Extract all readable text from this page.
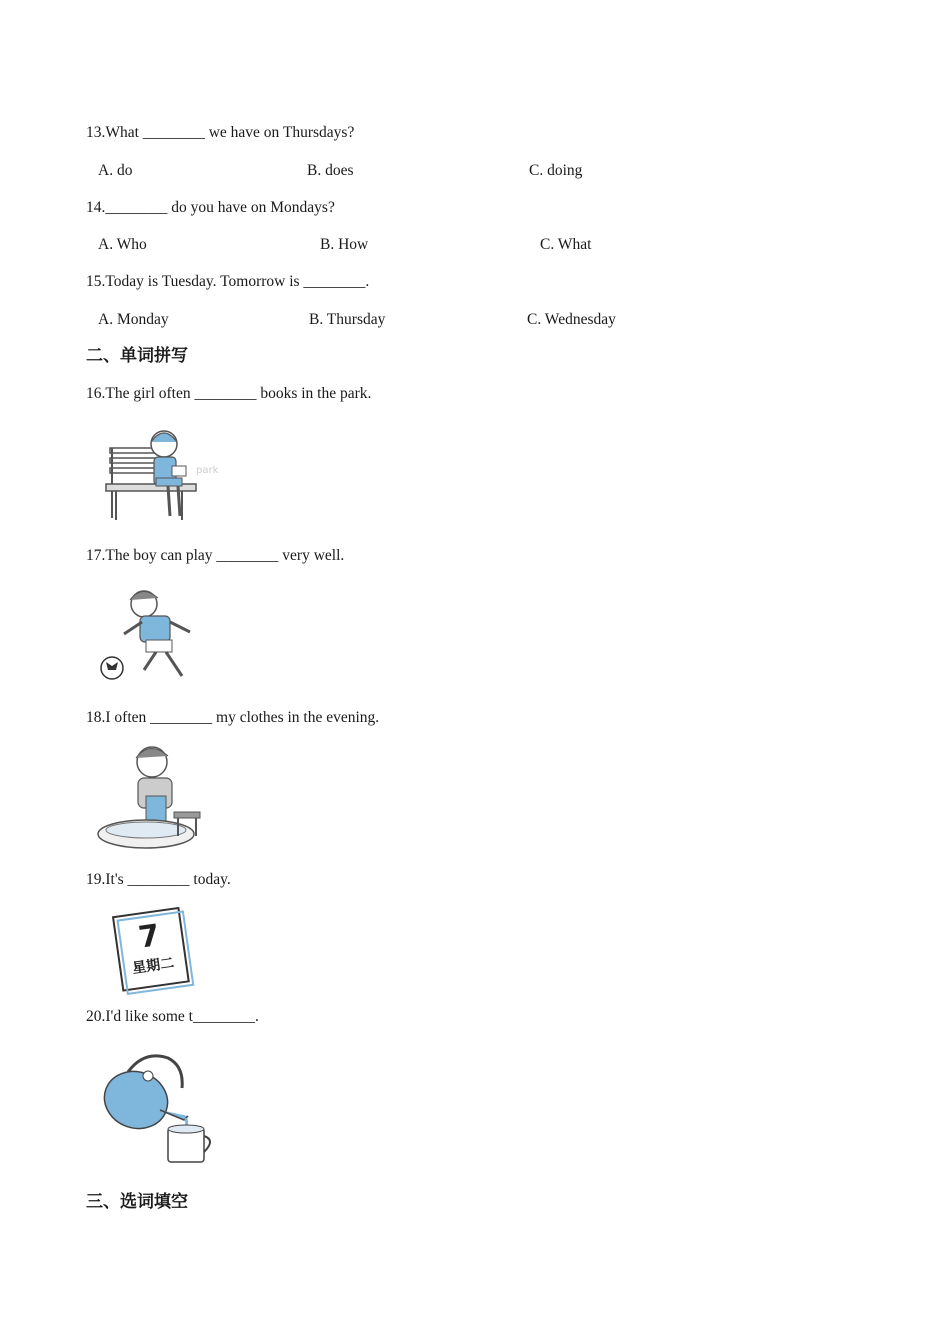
13.What ________ we have on Thursdays?
A. do	B. does	C. doing
14.________ do you have on Mondays?
A. Who	B. How	C. What
15.Today is Tuesday. Tomorrow is ________.
A. Monday	B. Thursday	C. Wednesday
二、单词拼写
16.The girl often ________ books in the park.
park
17.The boy can play ________ very well.
18.I often ________ my clothes in the evening.
19.It's ________ today.
7
星期二
20.I'd like some t________.
三、选词填空
